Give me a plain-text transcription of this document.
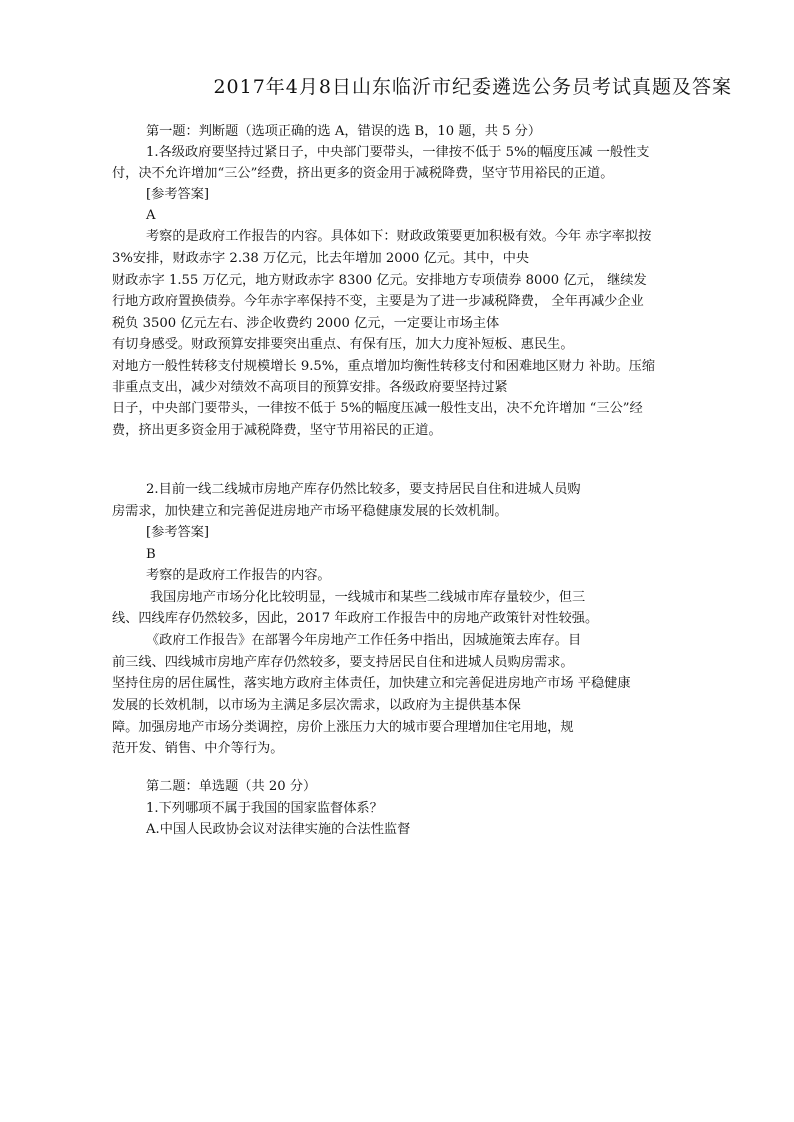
2017年4月8日山东临沂市纪委遴选公务员考试真题及答案
第一题：判断题（选项正确的选 A，错误的选 B，10 题，共 5 分）
1.各级政府要坚持过紧日子，中央部门要带头，一律按不低于 5%的幅度压减 一般性支
付，决不允许增加“三公”经费，挤出更多的资金用于减税降费，坚守节用裕民的正道。
[参考答案]
A
考察的是政府工作报告的内容。具体如下：财政政策要更加积极有效。今年 赤字率拟按
3%安排，财政赤字 2.38 万亿元，比去年增加 2000 亿元。其中，中央
财政赤字 1.55 万亿元，地方财政赤字 8300 亿元。安排地方专项债券 8000 亿元， 继续发
行地方政府置换债券。今年赤字率保持不变，主要是为了进一步减税降费， 全年再减少企业
税负 3500 亿元左右、涉企收费约 2000 亿元，一定要让市场主体
有切身感受。财政预算安排要突出重点、有保有压，加大力度补短板、惠民生。
对地方一般性转移支付规模增长 9.5%，重点增加均衡性转移支付和困难地区财力 补助。压缩
非重点支出，减少对绩效不高项目的预算安排。各级政府要坚持过紧
日子，中央部门要带头，一律按不低于 5%的幅度压减一般性支出，决不允许增加 “三公”经
费，挤出更多资金用于减税降费，坚守节用裕民的正道。
2.目前一线二线城市房地产库存仍然比较多，要支持居民自住和进城人员购
房需求，加快建立和完善促进房地产市场平稳健康发展的长效机制。
[参考答案]
B
考察的是政府工作报告的内容。
我国房地产市场分化比较明显，一线城市和某些二线城市库存量较少，但三
线、四线库存仍然较多，因此，2017 年政府工作报告中的房地产政策针对性较强。
《政府工作报告》在部署今年房地产工作任务中指出，因城施策去库存。目
前三线、四线城市房地产库存仍然较多，要支持居民自住和进城人员购房需求。
坚持住房的居住属性，落实地方政府主体责任，加快建立和完善促进房地产市场 平稳健康
发展的长效机制，以市场为主满足多层次需求，以政府为主提供基本保
障。加强房地产市场分类调控，房价上涨压力大的城市要合理增加住宅用地，规
范开发、销售、中介等行为。
第二题：单选题（共 20 分）
1.下列哪项不属于我国的国家监督体系？
A.中国人民政协会议对法律实施的合法性监督
